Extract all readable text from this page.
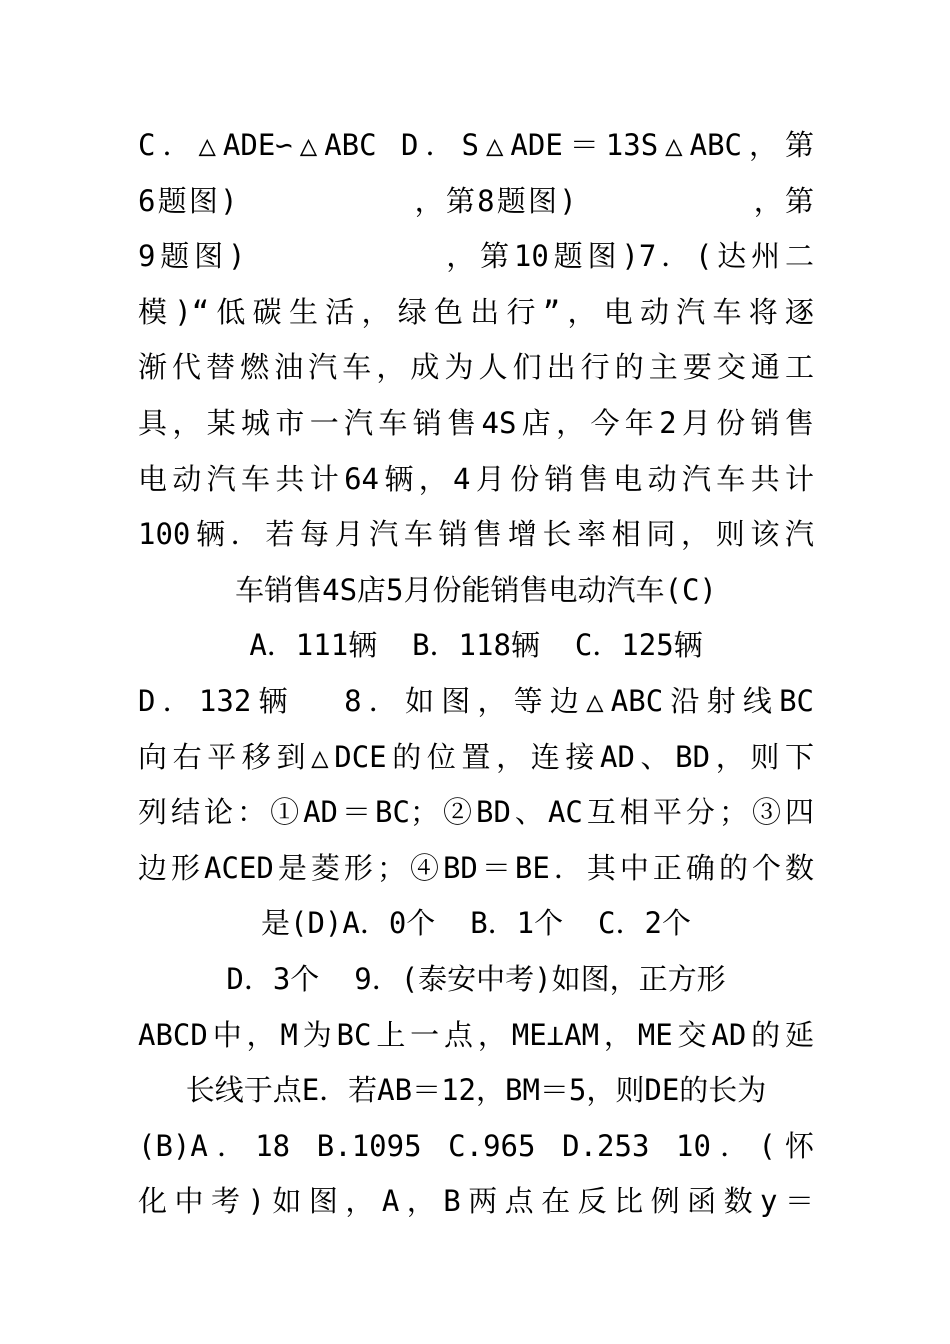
C．△ADE∽△ABC D．S△ADE＝13S△ABC，第
6题图)         ，第8题图)         ，第
9题图)         ，第10题图)7．(达州二
模)“低碳生活，绿色出行”，电动汽车将逐
渐代替燃油汽车，成为人们出行的主要交通工
具，某城市一汽车销售4S店，今年2月份销售
电动汽车共计64辆，4月份销售电动汽车共计
100辆．若每月汽车销售增长率相同，则该汽
车销售4S店5月份能销售电动汽车(C)
A．111辆  B．118辆  C．125辆
D．132辆  8．如图，等边△ABC沿射线BC
向右平移到△DCE的位置，连接AD、BD，则下
列结论：①AD＝BC；②BD、AC互相平分；③四
边形ACED是菱形；④BD＝BE．其中正确的个数
是(D)A．0个  B．1个  C．2个
D．3个  9．(泰安中考)如图，正方形
ABCD中，M为BC上一点，ME⊥AM，ME交AD的延
长线于点E．若AB＝12，BM＝5，则DE的长为
(B)A．18 B.1095 C.965 D.253 10．(怀
化中考)如图，A，B两点在反比例函数y＝
